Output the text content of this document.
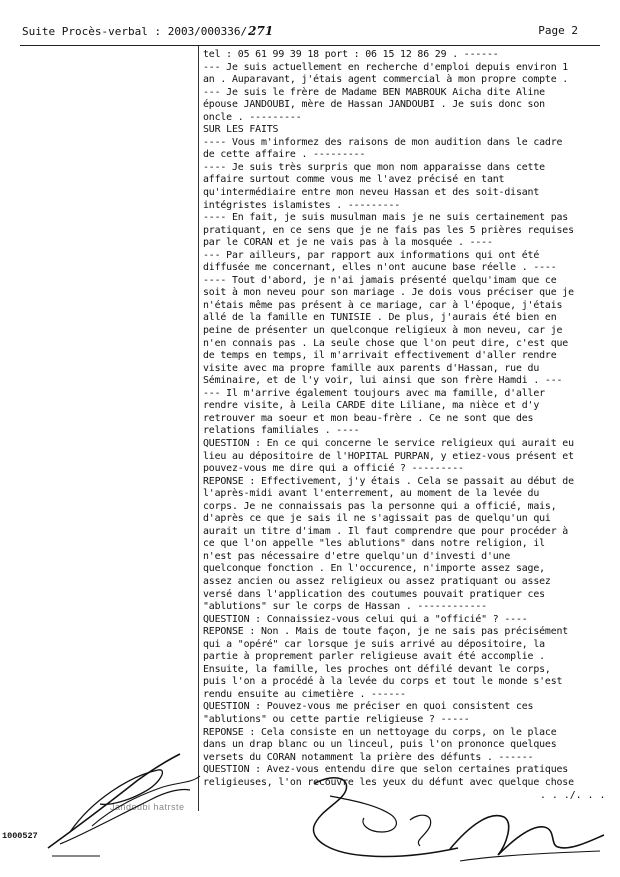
Suite Procès-verbal : 2003/000336/271	Page 2
tel : 05 61 99 39 18 port : 06 15 12 86 29 . ------
--- Je suis actuellement en recherche d'emploi depuis environ 1
an . Auparavant, j'étais agent commercial à mon propre compte .
--- Je suis le frère de Madame BEN MABROUK Aicha dite Aline
épouse JANDOUBI, mère de Hassan JANDOUBI . Je suis donc son
oncle . ---------
SUR LES FAITS
---- Vous m'informez des raisons de mon audition dans le cadre
de cette affaire . ---------
---- Je suis très surpris que mon nom apparaisse dans cette
affaire surtout comme vous me l'avez précisé en tant
qu'intermédiaire entre mon neveu Hassan et des soit-disant
intégristes islamistes . ---------
---- En fait, je suis musulman mais je ne suis certainement pas
pratiquant, en ce sens que je ne fais pas les 5 prières requises
par le CORAN et je ne vais pas à la mosquée . ----
--- Par ailleurs, par rapport aux informations qui ont été
diffusée me concernant, elles n'ont aucune base réelle . ----
---- Tout d'abord, je n'ai jamais présenté quelqu'imam que ce
soit à mon neveu pour son mariage . Je dois vous préciser que je
n'étais même pas présent à ce mariage, car à l'époque, j'étais
allé de la famille en TUNISIE . De plus, j'aurais été bien en
peine de présenter un quelconque religieux à mon neveu, car je
n'en connais pas . La seule chose que l'on peut dire, c'est que
de temps en temps, il m'arrivait effectivement d'aller rendre
visite avec ma propre famille aux parents d'Hassan, rue du
Séminaire, et de l'y voir, lui ainsi que son frère Hamdi . ---
--- Il m'arrive également toujours avec ma famille, d'aller
rendre visite, à Leila CARDE dite Liliane, ma nièce et d'y
retrouver ma soeur et mon beau-frère . Ce ne sont que des
relations familiales . ----
QUESTION : En ce qui concerne le service religieux qui aurait eu
lieu au dépositoire de l'HOPITAL PURPAN, y etiez-vous présent et
pouvez-vous me dire qui a officié ? ---------
REPONSE : Effectivement, j'y étais . Cela se passait au début de
l'après-midi avant l'enterrement, au moment de la levée du
corps. Je ne connaissais pas la personne qui a officié, mais,
d'après ce que je sais il ne s'agissait pas de quelqu'un qui
aurait un titre d'imam . Il faut comprendre que pour procéder à
ce que l'on appelle "les ablutions" dans notre religion, il
n'est pas nécessaire d'etre quelqu'un d'investi d'une
quelconque fonction . En l'occurence, n'importe assez sage,
assez ancien ou assez religieux ou assez pratiquant ou assez
versé dans l'application des coutumes pouvait pratiquer ces
"ablutions" sur le corps de Hassan . ------------
QUESTION : Connaissiez-vous celui qui a "officié" ? ----
REPONSE : Non . Mais de toute façon, je ne sais pas précisément
qui a "opéré" car lorsque je suis arrivé au dépositoire, la
partie à proprement parler religieuse avait été accomplie .
Ensuite, la famille, les proches ont défilé devant le corps,
puis l'on a procédé à la levée du corps et tout le monde s'est
rendu ensuite au cimetière . ------
QUESTION : Pouvez-vous me préciser en quoi consistent ces
"ablutions" ou cette partie religieuse ? -----
REPONSE : Cela consiste en un nettoyage du corps, on le place
dans un drap blanc ou un linceul, puis l'on prononce quelques
versets du CORAN notamment la prière des défunts . ------
QUESTION : Avez-vous entendu dire que selon certaines pratiques
religieuses, l'on recouvre les yeux du défunt avec quelque chose
. . ./. . .
1000527
Jandoubi hatrste
